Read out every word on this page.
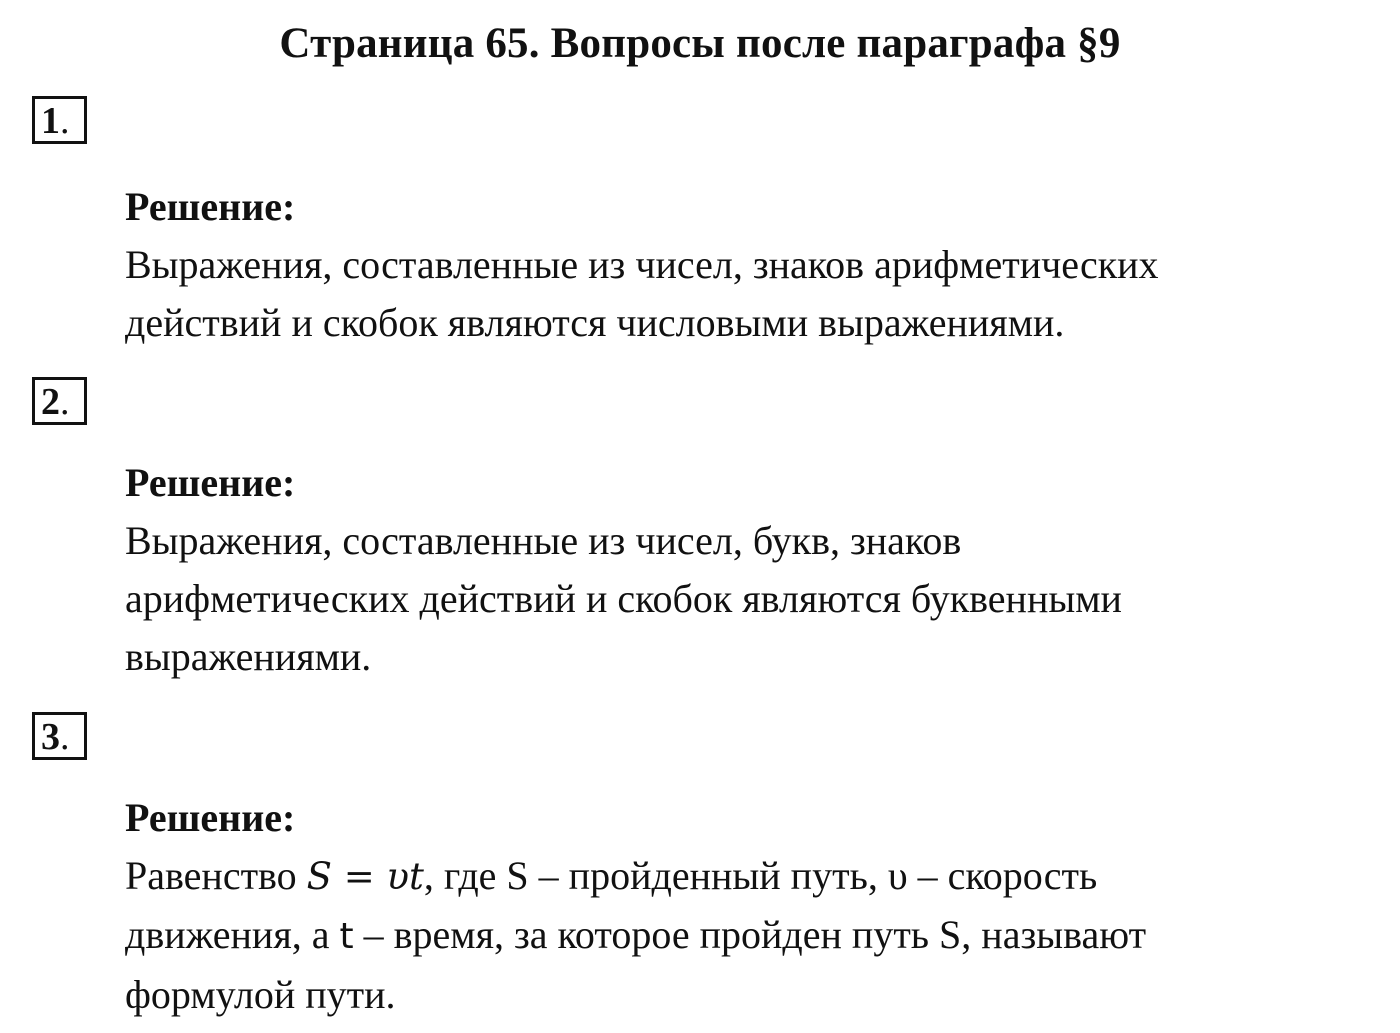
Страница 65. Вопросы после параграфа §9
1.

Решение:

Выражения, составленные из чисел, знаков арифметических
действий и скобок являются числовыми выражениями.

2.

Решение:

Выражения, составленные из чисел, букв, знаков
арифметических действий и скобок являются буквенными
выражениями.

3.

Решение:

Равенство 𝑆 = 𝜐𝑡, где S – пройденный путь, υ – скорость
движения, а t – время, за которое пройден путь S, называют
формулой пути.
